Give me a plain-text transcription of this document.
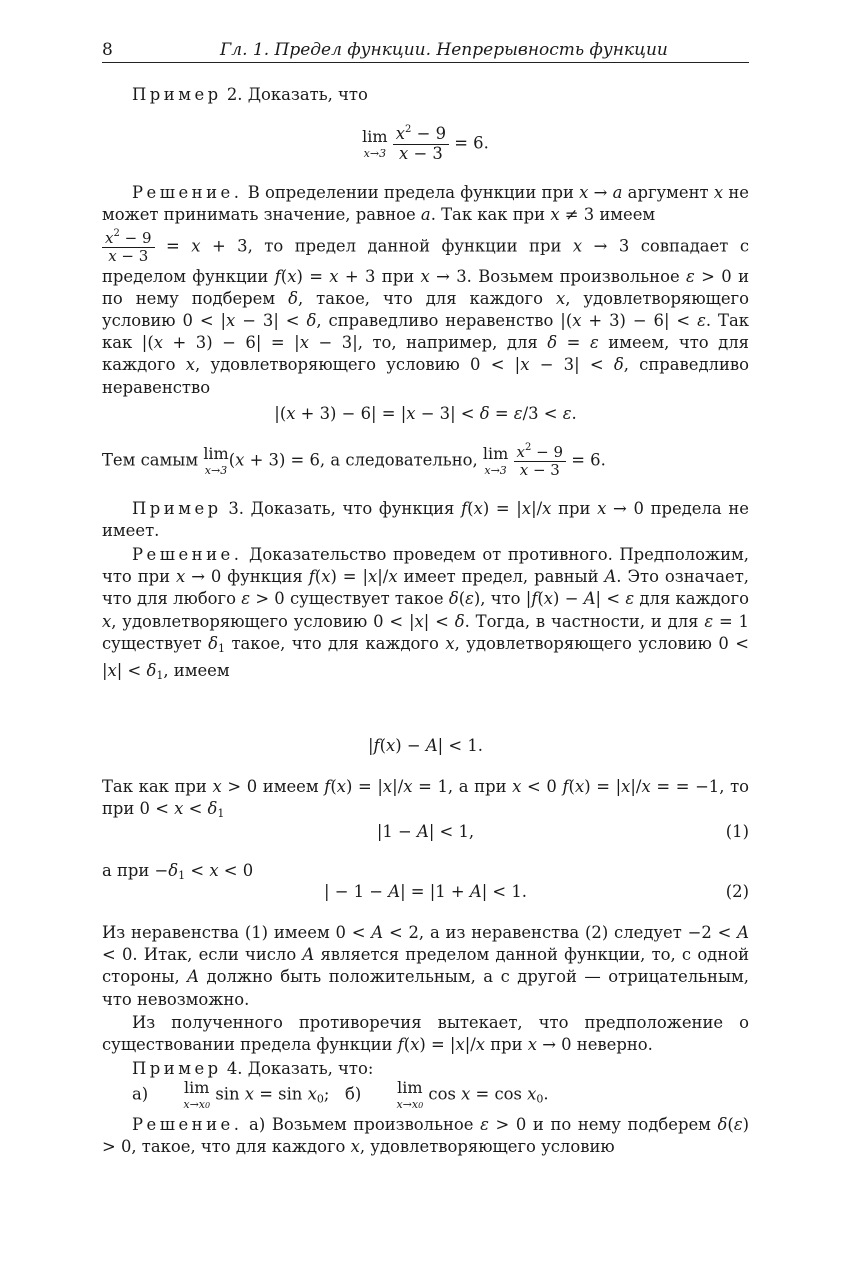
8	Гл. 1. Предел функции. Непрерывность функции

Пример 2. Доказать, что

lim
x→3
$\frac{x^2 - 9}{x - 3} = 6$.

Решение. В определении предела функции при x → a аргумент x не может принимать значение, равное a. Так как при x ≠ 3 имеем

$\frac{x^2 - 9}{x - 3} = x + 3$, то предел данной функции при x → 3 совпадает с пределом функции f(x) = x + 3 при x → 3. Возьмем произвольное ε > 0 и по нему подберем δ, такое, что для каждого x, удовлетворяющего условию 0 < |x − 3| < δ, справедливо неравенство |(x + 3) − 6| < ε. Так как |(x + 3) − 6| = |x − 3|, то, например, для δ = ε имеем, что для каждого x, удовлетворяющего условию 0 < |x − 3| < δ, справедливо неравенство

|(x + 3) − 6| = |x − 3| < δ = ε/3 < ε.

Тем самым lim
x→3
(x + 3) = 6, а следовательно, lim
x→3
$\frac{x^2 - 9}{x - 3} = 6$.

Пример 3. Доказать, что функция f(x) = |x|/x при x → 0 предела не имеет.

Решение. Доказательство проведем от противного. Предположим, что при x → 0 функция f(x) = |x|/x имеет предел, равный A. Это означает, что для любого ε > 0 существует такое δ(ε), что |f(x) − A| < ε для каждого x, удовлетворяющего условию 0 < |x| < δ. Тогда, в частности, и для ε = 1 существует $\delta_1$ такое, что для каждого x, удовлетворяющего условию $0 < |x| < \delta_1$, имеем

|f(x) − A| < 1.

Так как при x > 0 имеем f(x) = |x|/x = 1, а при x < 0 f(x) = |x|/x = = −1, то при $0 < x < \delta_1$

|1 − A| < 1,	(1)

а при $-\delta_1 < x < 0$

| − 1 − A| = |1 + A| < 1.	(2)

Из неравенства (1) имеем 0 < A < 2, а из неравенства (2) следует −2 < A < 0. Итак, если число A является пределом данной функции, то, с одной стороны, A должно быть положительным, а с другой — отрицательным, что невозможно.

Из полученного противоречия вытекает, что предположение о существовании предела функции f(x) = |x|/x при x → 0 неверно.

Пример 4. Доказать, что:

а)	lim
x→x0
$\sin x = \sin x_0$;   б)	lim
x→x0
$\cos x = \cos x_0$.

Решение. а) Возьмем произвольное ε > 0 и по нему подберем δ(ε) > 0, такое, что для каждого x, удовлетворяющего условию
